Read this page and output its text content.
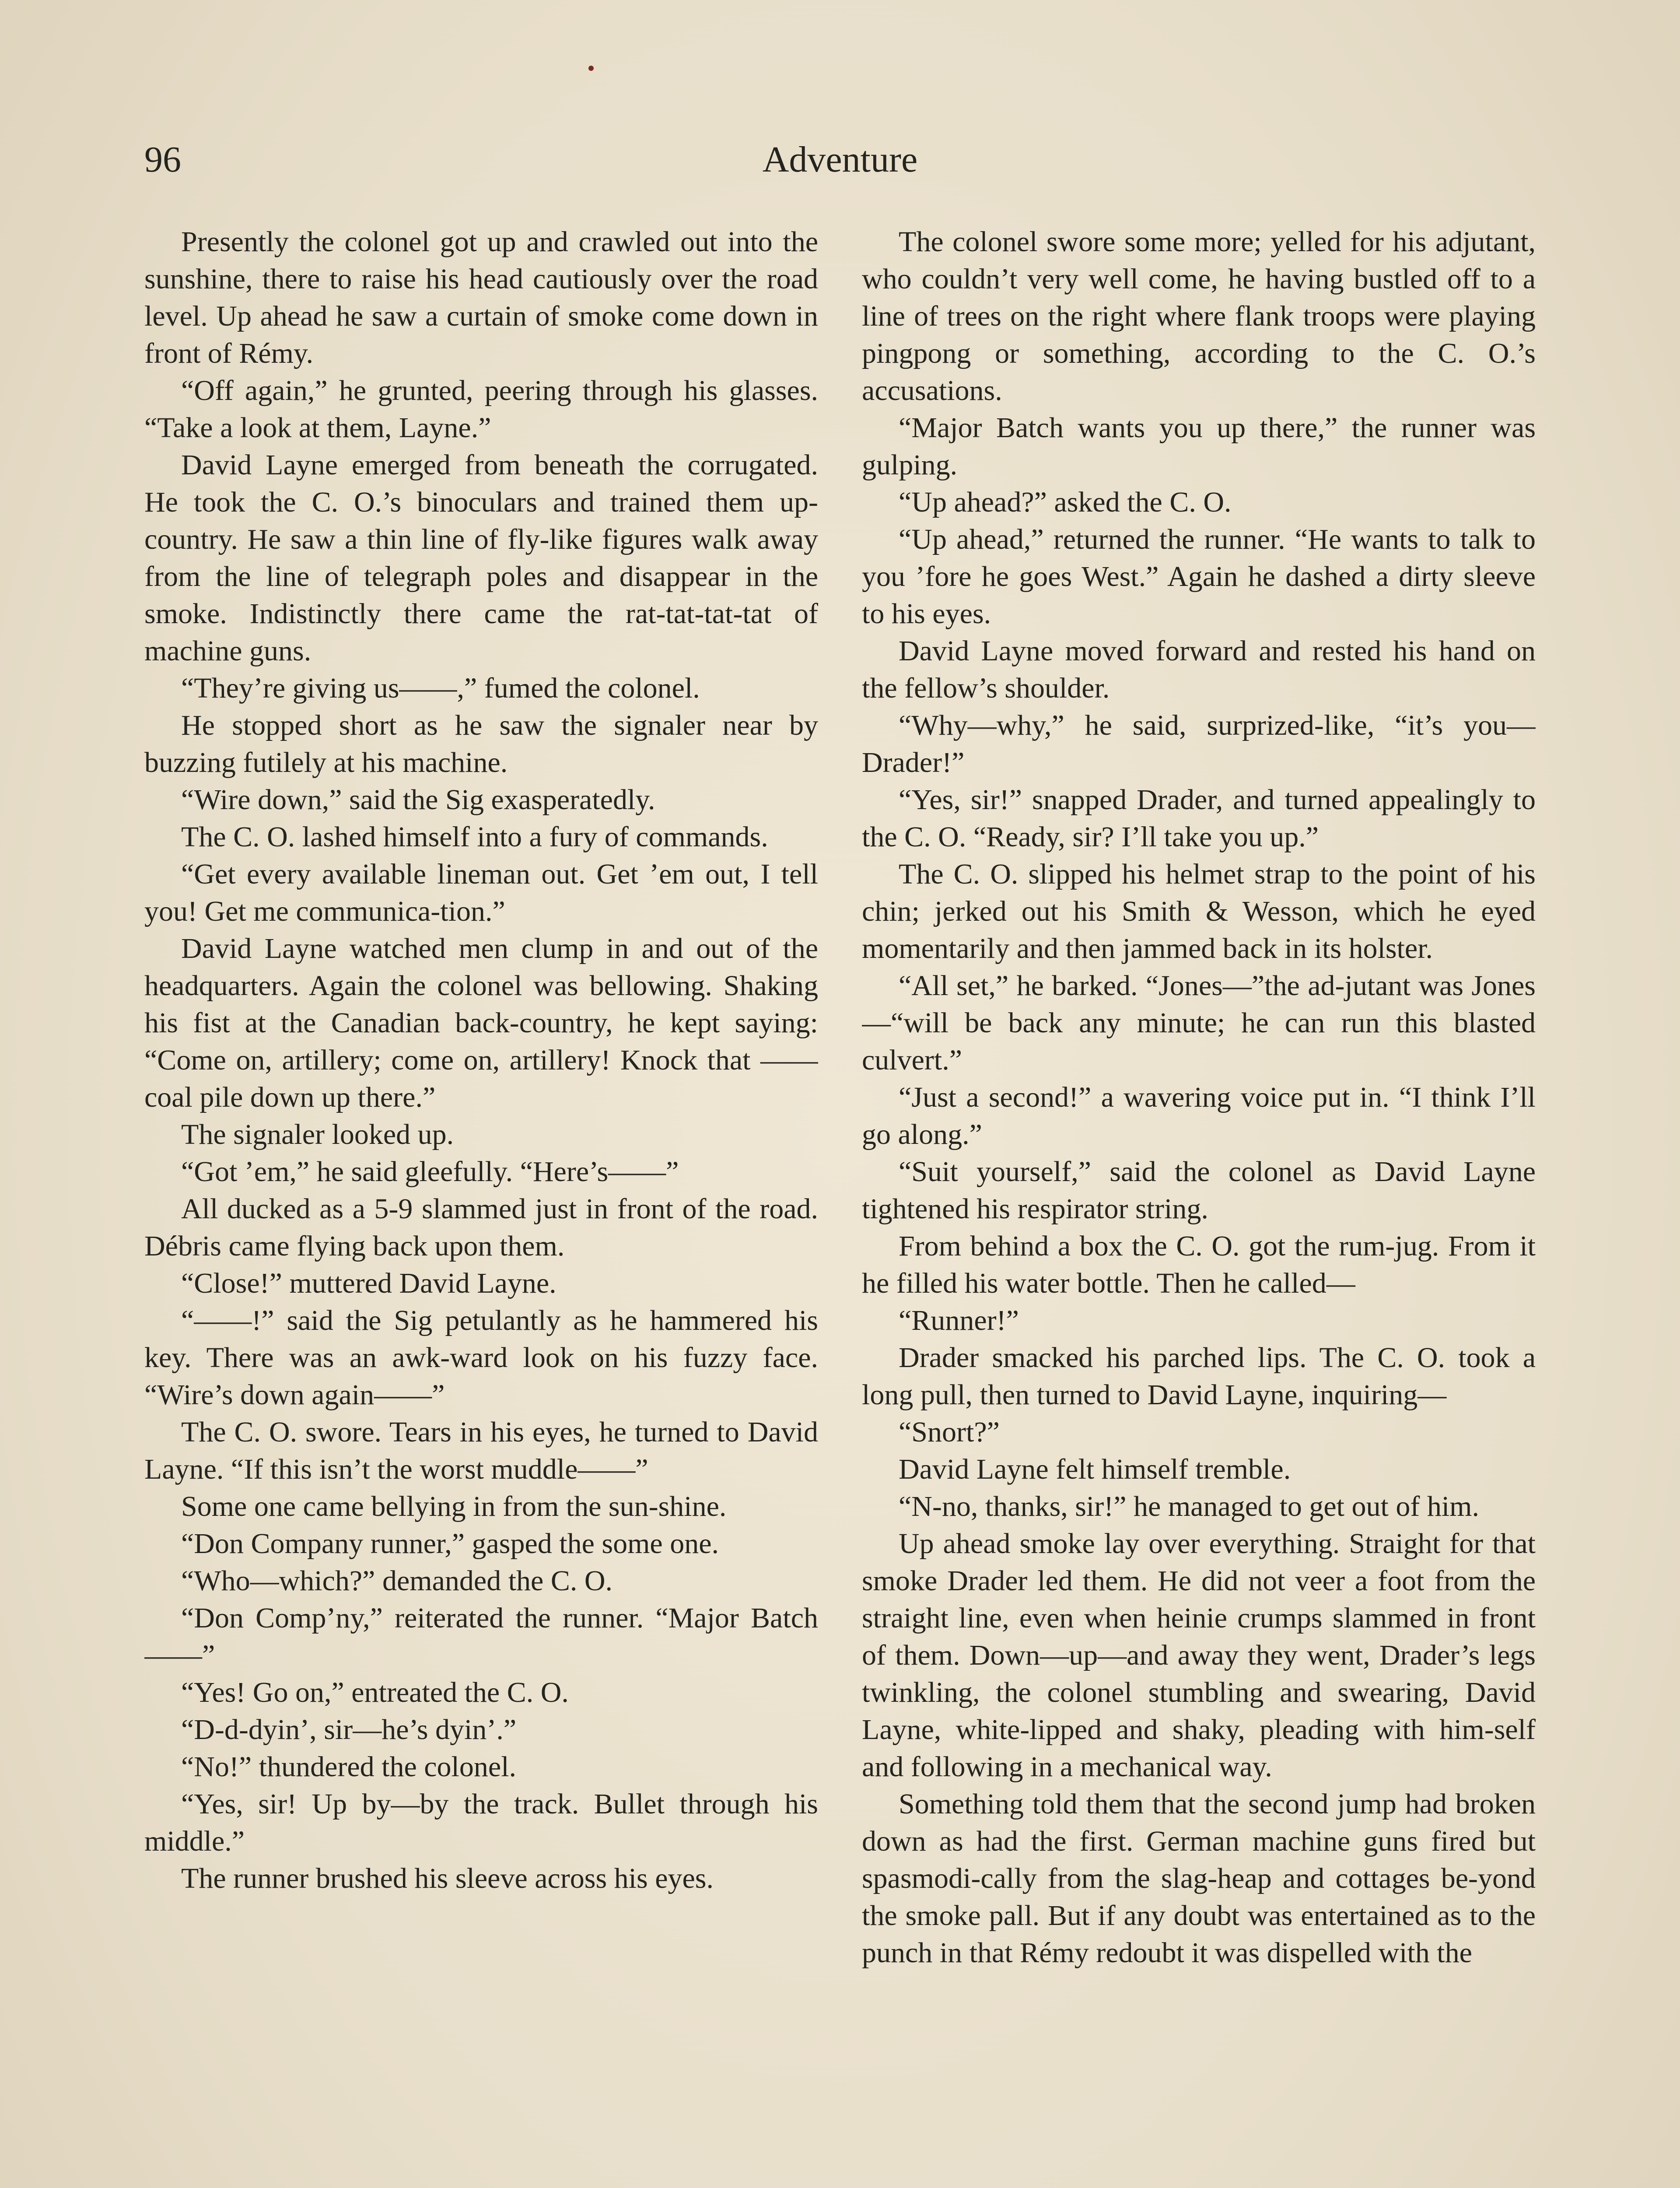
96	Adventure

Presently the colonel got up and crawled out into the sunshine, there to raise his head cautiously over the road level. Up ahead he saw a curtain of smoke come down in front of Rémy.

“Off again,” he grunted, peering through his glasses. “Take a look at them, Layne.”

David Layne emerged from beneath the corrugated. He took the C. O.’s binoculars and trained them up-country. He saw a thin line of fly-like figures walk away from the line of telegraph poles and disappear in the smoke. Indistinctly there came the rat-tat-tat-tat of machine guns.

“They’re giving us——,” fumed the colonel.

He stopped short as he saw the signaler near by buzzing futilely at his machine.

“Wire down,” said the Sig exasperatedly.

The C. O. lashed himself into a fury of commands.

“Get every available lineman out. Get ’em out, I tell you! Get me communica-tion.”

David Layne watched men clump in and out of the headquarters. Again the colonel was bellowing. Shaking his fist at the Canadian back-country, he kept saying: “Come on, artillery; come on, artillery! Knock that —— coal pile down up there.”

The signaler looked up.

“Got ’em,” he said gleefully. “Here’s——”

All ducked as a 5-9 slammed just in front of the road. Débris came flying back upon them.

“Close!” muttered David Layne.

“——!” said the Sig petulantly as he hammered his key. There was an awk-ward look on his fuzzy face. “Wire’s down again——”

The C. O. swore. Tears in his eyes, he turned to David Layne. “If this isn’t the worst muddle——”

Some one came bellying in from the sun-shine.

“Don Company runner,” gasped the some one.

“Who—which?” demanded the C. O.

“Don Comp’ny,” reiterated the runner. “Major Batch——”

“Yes! Go on,” entreated the C. O.

“D-d-dyin’, sir—he’s dyin’.”

“No!” thundered the colonel.

“Yes, sir! Up by—by the track. Bullet through his middle.”

The runner brushed his sleeve across his eyes.

The colonel swore some more; yelled for his adjutant, who couldn’t very well come, he having bustled off to a line of trees on the right where flank troops were playing pingpong or something, according to the C. O.’s accusations.

“Major Batch wants you up there,” the runner was gulping.

“Up ahead?” asked the C. O.

“Up ahead,” returned the runner. “He wants to talk to you ’fore he goes West.” Again he dashed a dirty sleeve to his eyes.

David Layne moved forward and rested his hand on the fellow’s shoulder.

“Why—why,” he said, surprized-like, “it’s you—Drader!”

“Yes, sir!” snapped Drader, and turned appealingly to the C. O. “Ready, sir? I’ll take you up.”

The C. O. slipped his helmet strap to the point of his chin; jerked out his Smith & Wesson, which he eyed momentarily and then jammed back in its holster.

“All set,” he barked. “Jones—”the ad-jutant was Jones—“will be back any minute; he can run this blasted culvert.”

“Just a second!” a wavering voice put in. “I think I’ll go along.”

“Suit yourself,” said the colonel as David Layne tightened his respirator string.

From behind a box the C. O. got the rum-jug. From it he filled his water bottle. Then he called—

“Runner!”

Drader smacked his parched lips. The C. O. took a long pull, then turned to David Layne, inquiring—

“Snort?”

David Layne felt himself tremble.

“N-no, thanks, sir!” he managed to get out of him.

Up ahead smoke lay over everything. Straight for that smoke Drader led them. He did not veer a foot from the straight line, even when heinie crumps slammed in front of them. Down—up—and away they went, Drader’s legs twinkling, the colonel stumbling and swearing, David Layne, white-lipped and shaky, pleading with him-self and following in a mechanical way.

Something told them that the second jump had broken down as had the first. German machine guns fired but spasmodi-cally from the slag-heap and cottages be-yond the smoke pall. But if any doubt was entertained as to the punch in that Rémy redoubt it was dispelled with the
